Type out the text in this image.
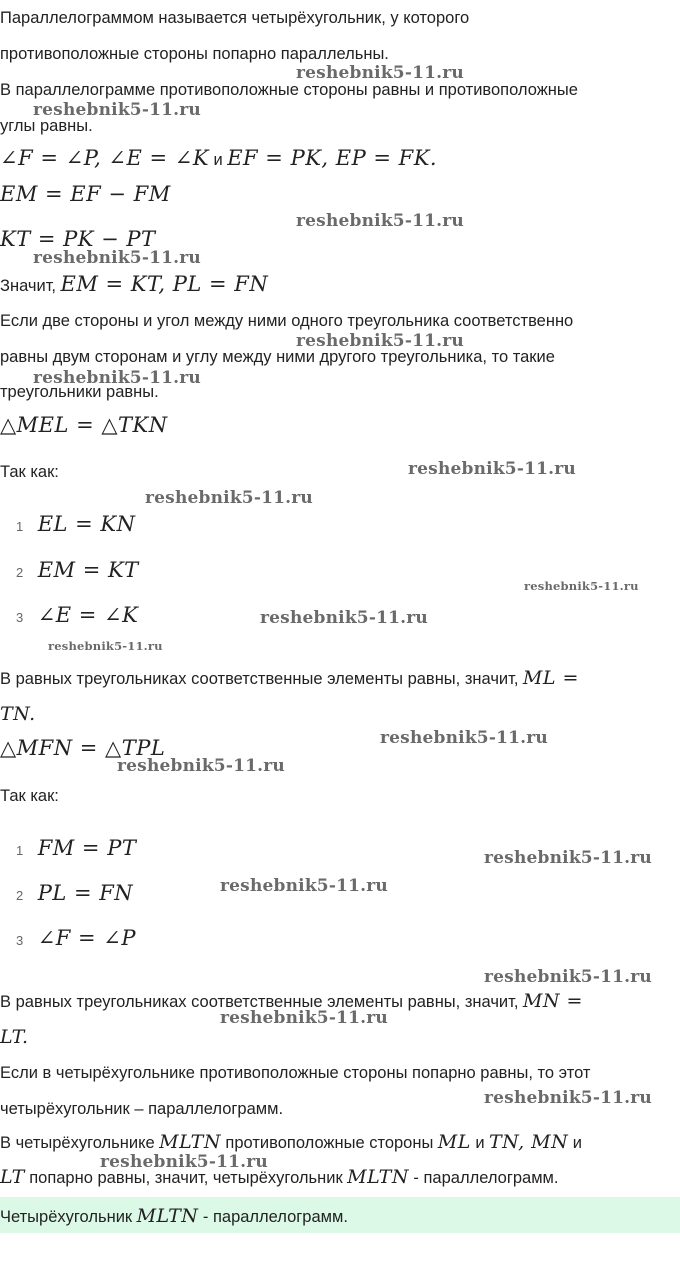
Параллелограммом называется четырёхугольник, у которого
противоположные стороны попарно параллельны.
В параллелограмме противоположные стороны равны и противоположные
углы равны.
∠F = ∠P, ∠E = ∠K и EF = PK, EP = FK.
EM = EF − FM
KT = PK − PT
Значит, EM = KT, PL = FN
Если две стороны и угол между ними одного треугольника соответственно
равны двум сторонам и углу между ними другого треугольника, то такие
треугольники равны.
△MEL = △TKN
Так как:
1 EL = KN
2 EM = KT
3 ∠E = ∠K
В равных треугольниках соответственные элементы равны, значит, ML =
TN.
△MFN = △TPL
Так как:
1 FM = PT
2 PL = FN
3 ∠F = ∠P
В равных треугольниках соответственные элементы равны, значит, MN =
LT.
Если в четырёхугольнике противоположные стороны попарно равны, то этот
четырёхугольник – параллелограмм.
В четырёхугольнике MLTN противоположные стороны ML и TN, MN и
LT попарно равны, значит, четырёхугольник MLTN - параллелограмм.
Четырёхугольник MLTN - параллелограмм.
reshebnik5-11.ru
reshebnik5-11.ru
reshebnik5-11.ru
reshebnik5-11.ru
reshebnik5-11.ru
reshebnik5-11.ru
reshebnik5-11.ru
reshebnik5-11.ru
reshebnik5-11.ru
reshebnik5-11.ru
reshebnik5-11.ru
reshebnik5-11.ru
reshebnik5-11.ru
reshebnik5-11.ru
reshebnik5-11.ru
reshebnik5-11.ru
reshebnik5-11.ru
reshebnik5-11.ru
reshebnik5-11.ru
